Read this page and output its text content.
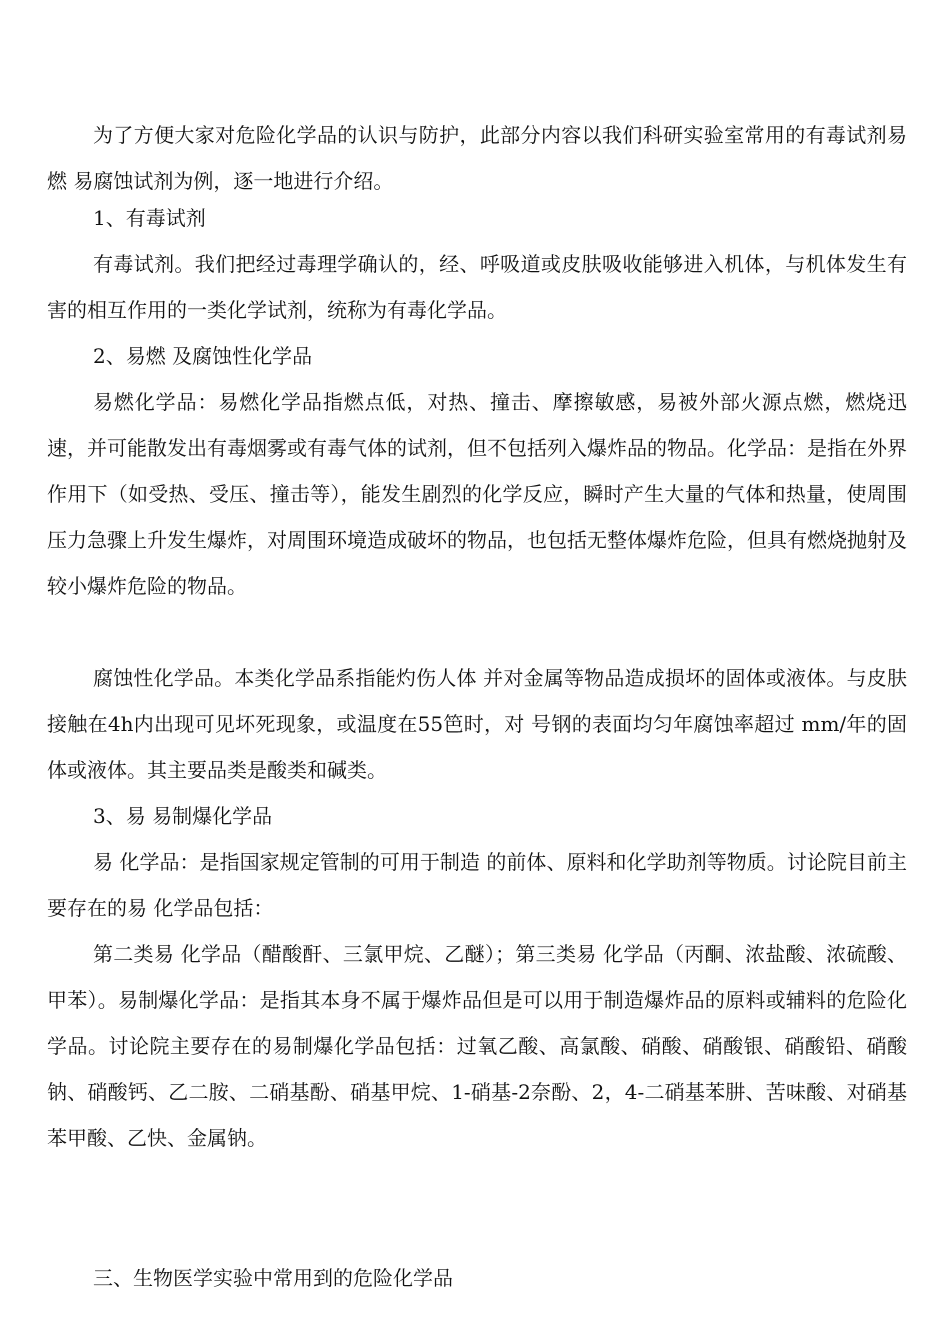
为了方便大家对危险化学品的认识与防护，此部分内容以我们科研实验室常用的有毒试剂易燃 易腐蚀试剂为例，逐一地进行介绍。

1、有毒试剂

有毒试剂。我们把经过毒理学确认的，经、呼吸道或皮肤吸收能够进入机体，与机体发生有害的相互作用的一类化学试剂，统称为有毒化学品。

2、易燃 及腐蚀性化学品

易燃化学品：易燃化学品指燃点低，对热、撞击、摩擦敏感，易被外部火源点燃，燃烧迅速，并可能散发出有毒烟雾或有毒气体的试剂，但不包括列入爆炸品的物品。化学品：是指在外界作用下（如受热、受压、撞击等），能发生剧烈的化学反应，瞬时产生大量的气体和热量，使周围压力急骤上升发生爆炸，对周围环境造成破坏的物品，也包括无整体爆炸危险，但具有燃烧抛射及较小爆炸危险的物品。

腐蚀性化学品。本类化学品系指能灼伤人体 并对金属等物品造成损坏的固体或液体。与皮肤接触在4h内出现可见坏死现象，或温度在55笆时，对 号钢的表面均匀年腐蚀率超过 mm/年的固体或液体。其主要品类是酸类和碱类。

3、易 易制爆化学品

易 化学品：是指国家规定管制的可用于制造 的前体、原料和化学助剂等物质。讨论院目前主要存在的易 化学品包括：

第二类易 化学品（醋酸酐、三氯甲烷、乙醚）；第三类易 化学品（丙酮、浓盐酸、浓硫酸、甲苯）。易制爆化学品：是指其本身不属于爆炸品但是可以用于制造爆炸品的原料或辅料的危险化学品。讨论院主要存在的易制爆化学品包括：过氧乙酸、高氯酸、硝酸、硝酸银、硝酸铅、硝酸钠、硝酸钙、乙二胺、二硝基酚、硝基甲烷、1-硝基-2奈酚、2，4-二硝基苯肼、苦味酸、对硝基苯甲酸、乙快、金属钠。

三、生物医学实验中常用到的危险化学品
